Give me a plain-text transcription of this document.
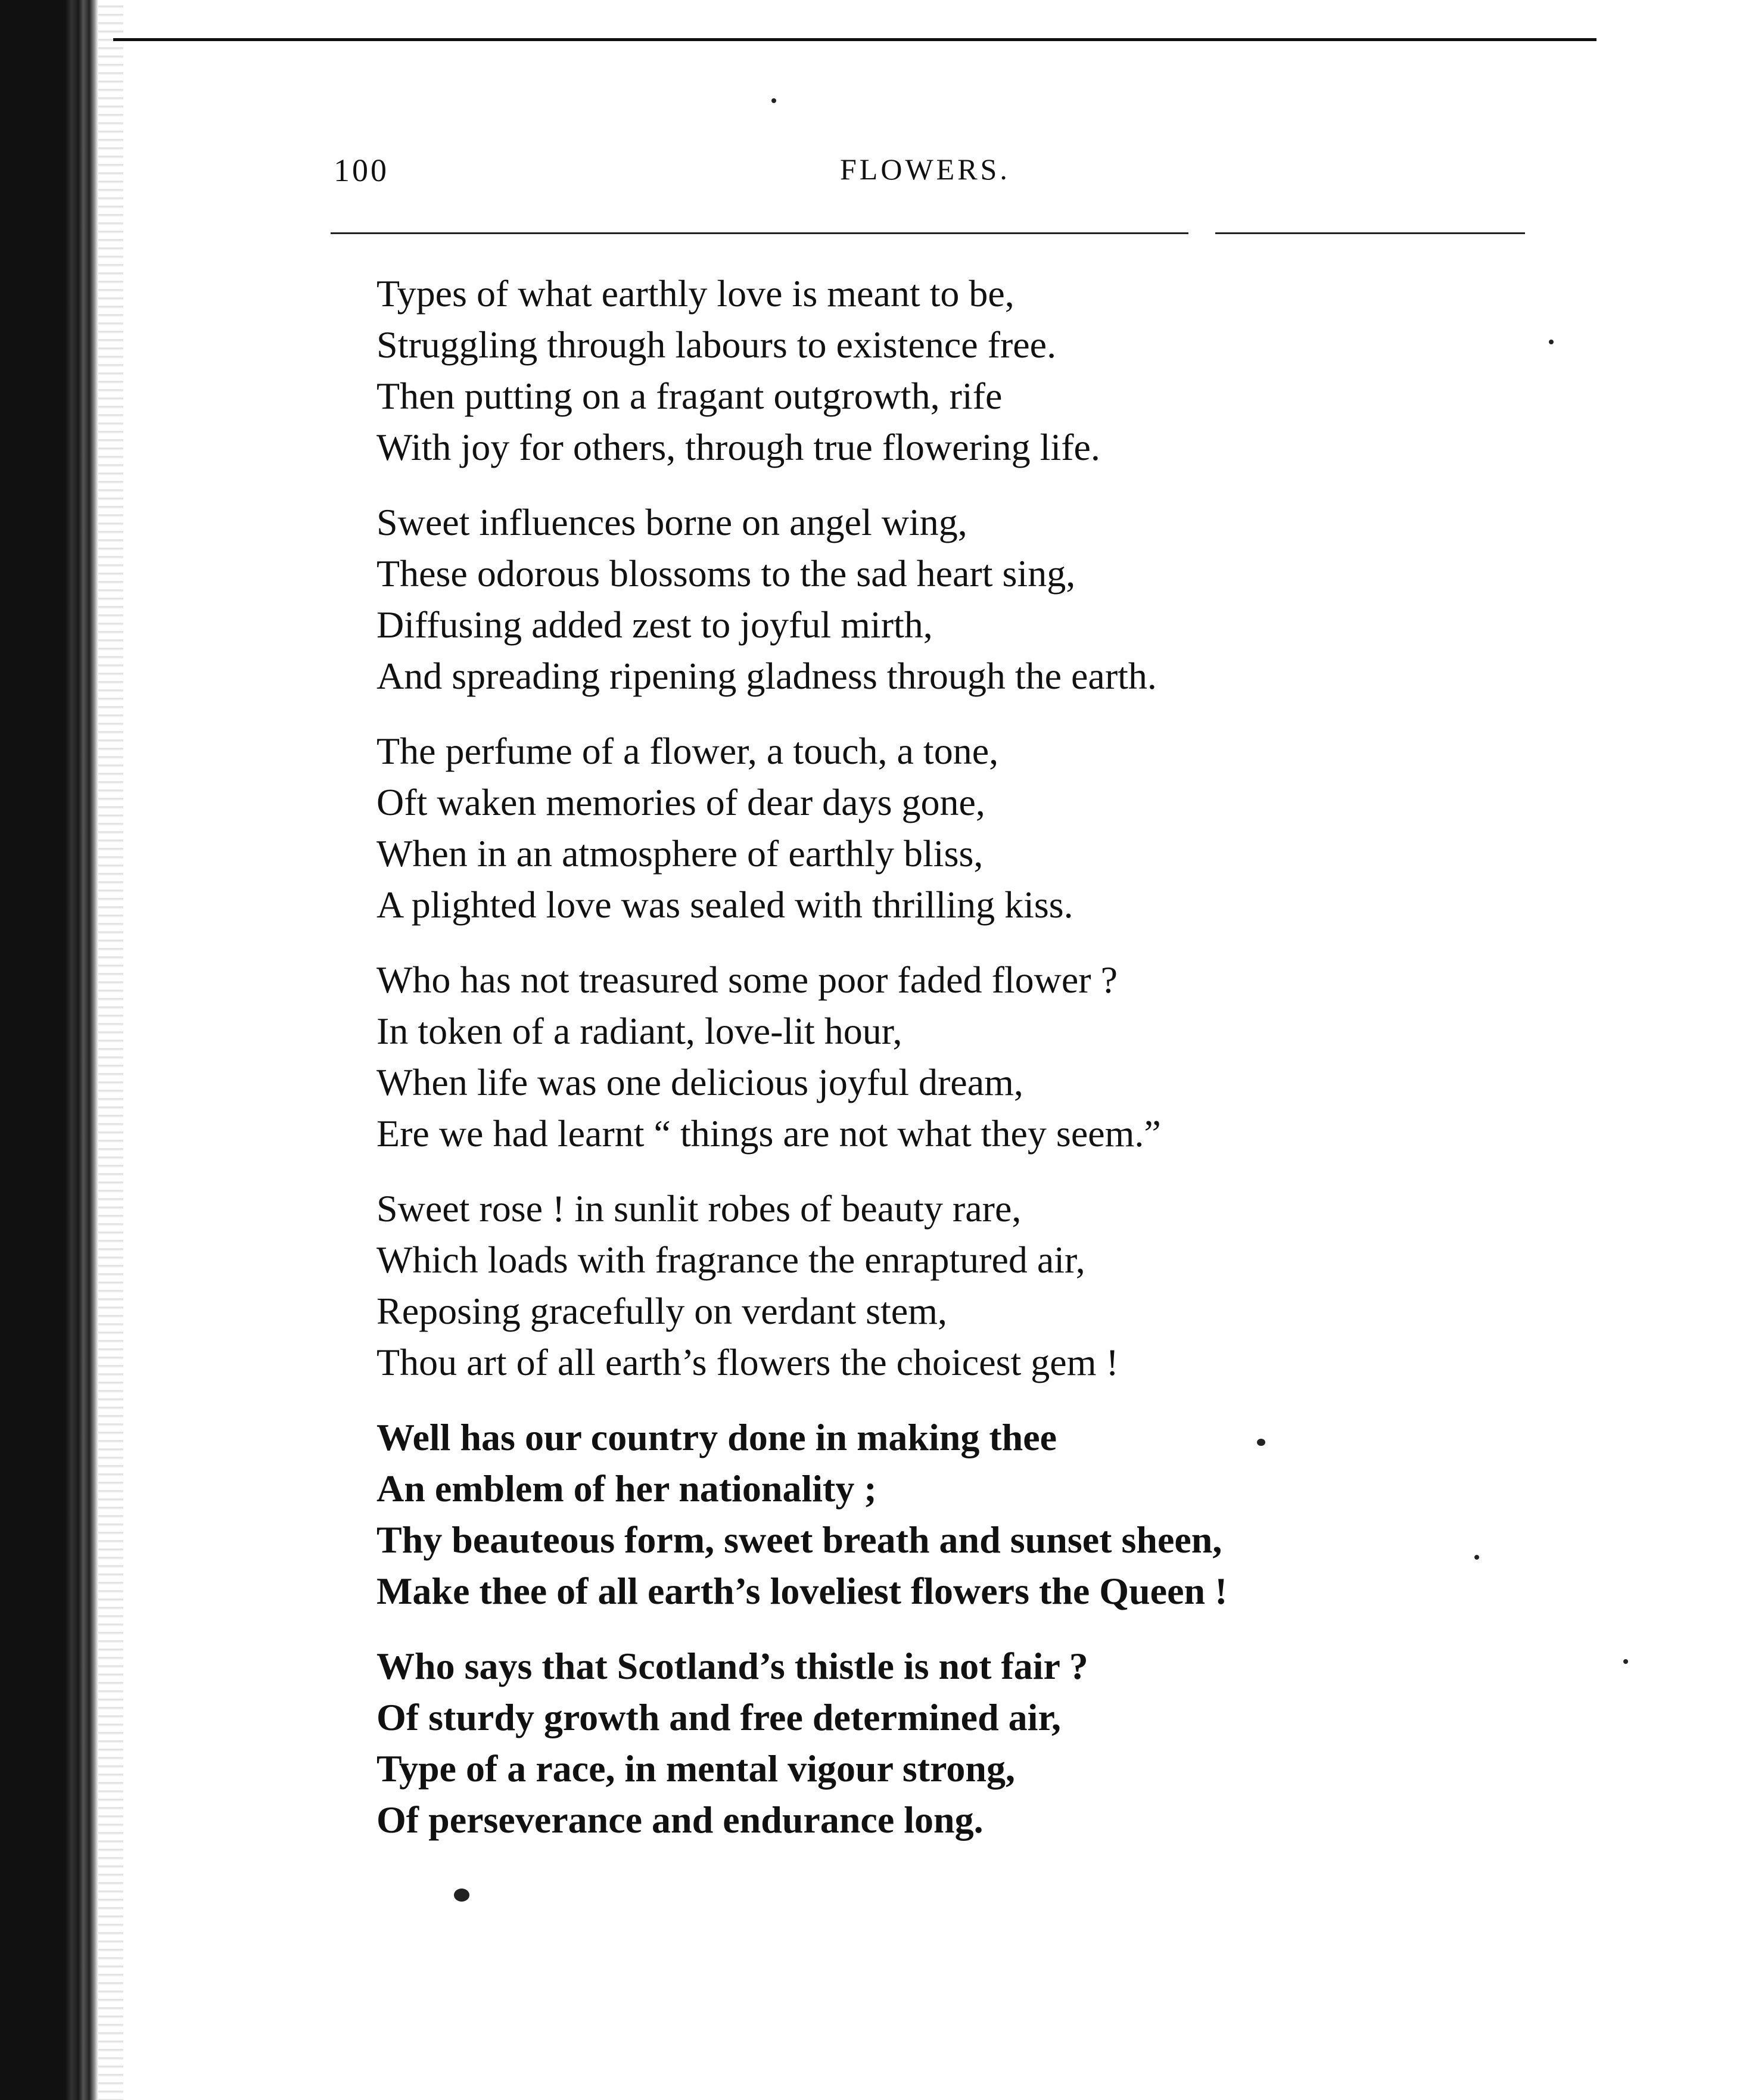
100	FLOWERS.
Types of what earthly love is meant to be,
Struggling through labours to existence free.
Then putting on a fragant outgrowth, rife
With joy for others, through true flowering life.
Sweet influences borne on angel wing,
These odorous blossoms to the sad heart sing,
Diffusing added zest to joyful mirth,
And spreading ripening gladness through the earth.
The perfume of a flower, a touch, a tone,
Oft waken memories of dear days gone,
When in an atmosphere of earthly bliss,
A plighted love was sealed with thrilling kiss.
Who has not treasured some poor faded flower ?
In token of a radiant, love-lit hour,
When life was one delicious joyful dream,
Ere we had learnt “ things are not what they seem.”
Sweet rose ! in sunlit robes of beauty rare,
Which loads with fragrance the enraptured air,
Reposing gracefully on verdant stem,
Thou art of all earth’s flowers the choicest gem !
Well has our country done in making thee
An emblem of her nationality ;
Thy beauteous form, sweet breath and sunset sheen,
Make thee of all earth’s loveliest flowers the Queen !
Who says that Scotland’s thistle is not fair ?
Of sturdy growth and free determined air,
Type of a race, in mental vigour strong,
Of perseverance and endurance long.
